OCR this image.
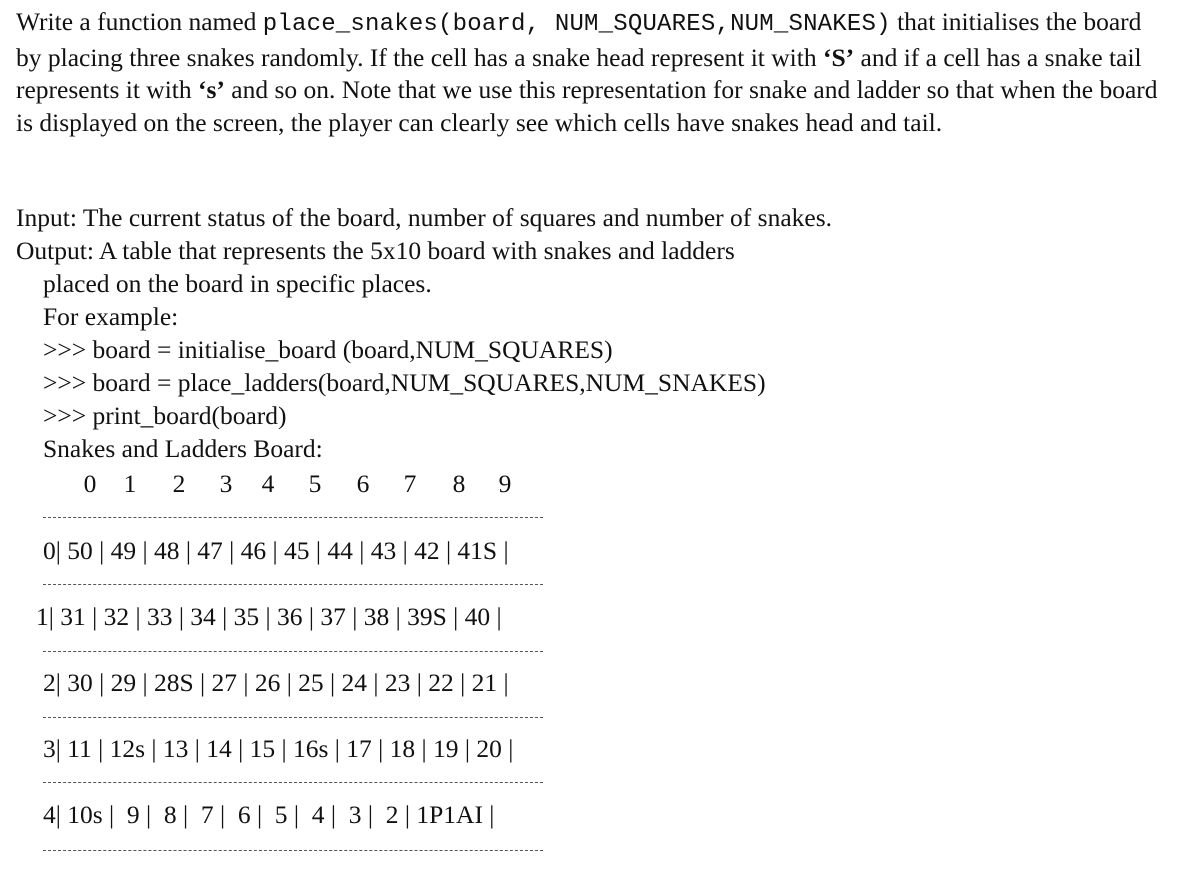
Write a function named place_snakes(board, NUM_SQUARES,NUM_SNAKES) that initialises the board by placing three snakes randomly. If the cell has a snake head represent it with ‘S’ and if a cell has a snake tail represents it with ‘s’ and so on. Note that we use this representation for snake and ladder so that when the board is displayed on the screen, the player can clearly see which cells have snakes head and tail.

Input: The current status of the board, number of squares and number of snakes.
Output: A table that represents the 5x10 board with snakes and ladders
placed on the board in specific places.
For example:
>>> board = initialise_board (board,NUM_SQUARES)
>>> board = place_ladders(board,NUM_SQUARES,NUM_SNAKES)
>>> print_board(board)
Snakes and Ladders Board:
0 1 2 3 4 5 6 7 8 9
0| 50 | 49 | 48 | 47 | 46 | 45 | 44 | 43 | 42 | 41S |
1| 31 | 32 | 33 | 34 | 35 | 36 | 37 | 38 | 39S | 40 |
2| 30 | 29 | 28S | 27 | 26 | 25 | 24 | 23 | 22 | 21 |
3| 11 | 12s | 13 | 14 | 15 | 16s | 17 | 18 | 19 | 20 |
4| 10s |  9 |  8 |  7 |  6 |  5 |  4 |  3 |  2 | 1P1AI |
